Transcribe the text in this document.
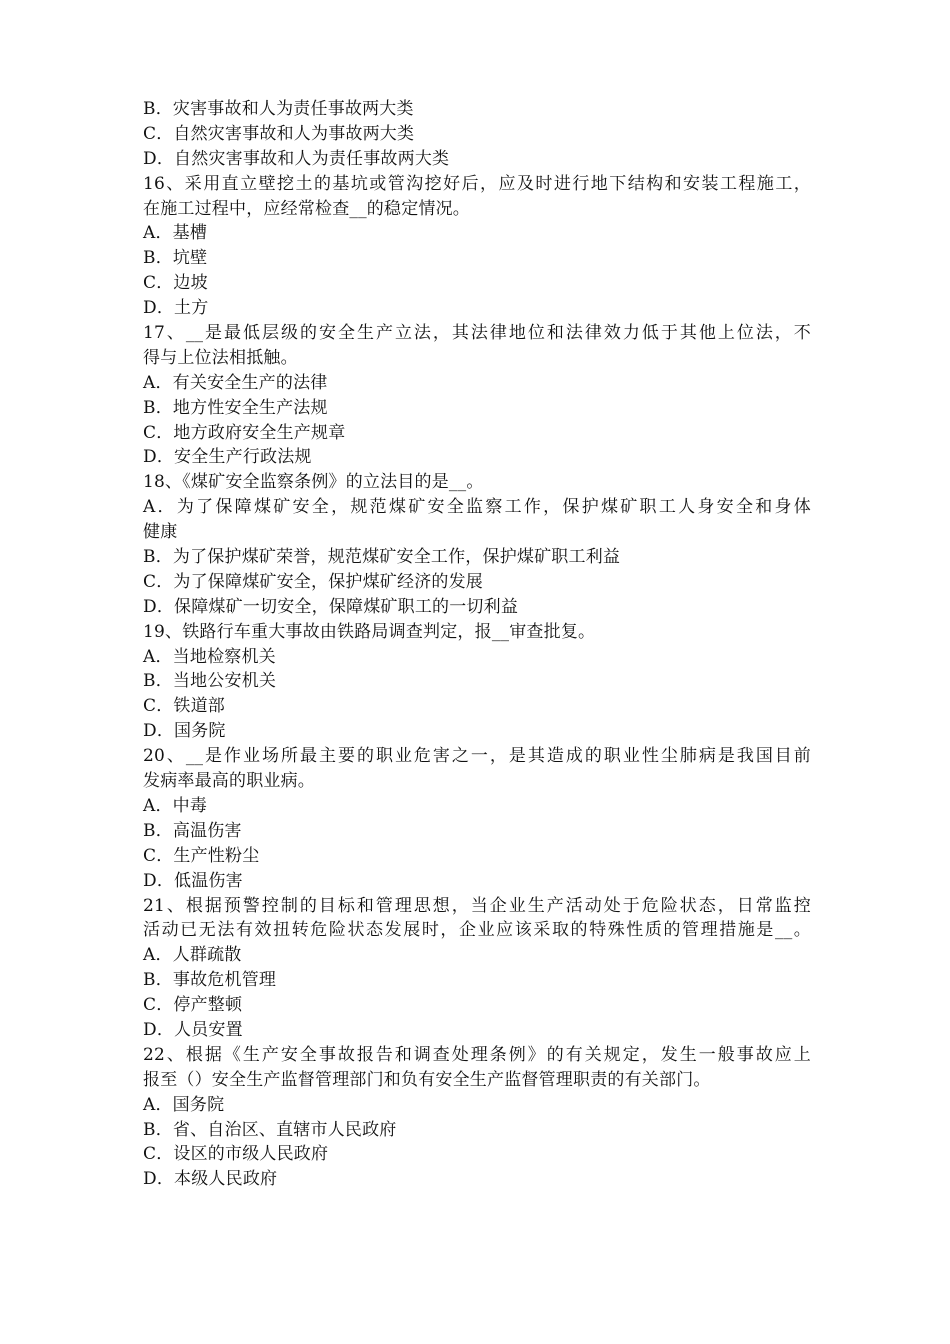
B．灾害事故和人为责任事故两大类
C．自然灾害事故和人为事故两大类
D．自然灾害事故和人为责任事故两大类
16、采用直立壁挖土的基坑或管沟挖好后，应及时进行地下结构和安装工程施工，
在施工过程中，应经常检查__的稳定情况。
A．基槽
B．坑壁
C．边坡
D．土方
17、__是最低层级的安全生产立法，其法律地位和法律效力低于其他上位法，不
得与上位法相抵触。
A．有关安全生产的法律
B．地方性安全生产法规
C．地方政府安全生产规章
D．安全生产行政法规
18、《煤矿安全监察条例》的立法目的是__。
A．为了保障煤矿安全，规范煤矿安全监察工作，保护煤矿职工人身安全和身体
健康
B．为了保护煤矿荣誉，规范煤矿安全工作，保护煤矿职工利益
C．为了保障煤矿安全，保护煤矿经济的发展
D．保障煤矿一切安全，保障煤矿职工的一切利益
19、铁路行车重大事故由铁路局调查判定，报__审查批复。
A．当地检察机关
B．当地公安机关
C．铁道部
D．国务院
20、__是作业场所最主要的职业危害之一，是其造成的职业性尘肺病是我国目前
发病率最高的职业病。
A．中毒
B．高温伤害
C．生产性粉尘
D．低温伤害
21、根据预警控制的目标和管理思想，当企业生产活动处于危险状态，日常监控
活动已无法有效扭转危险状态发展时，企业应该采取的特殊性质的管理措施是__。
A．人群疏散
B．事故危机管理
C．停产整顿
D．人员安置
22、根据《生产安全事故报告和调查处理条例》的有关规定，发生一般事故应上
报至（）安全生产监督管理部门和负有安全生产监督管理职责的有关部门。
A．国务院
B．省、自治区、直辖市人民政府
C．设区的市级人民政府
D．本级人民政府
